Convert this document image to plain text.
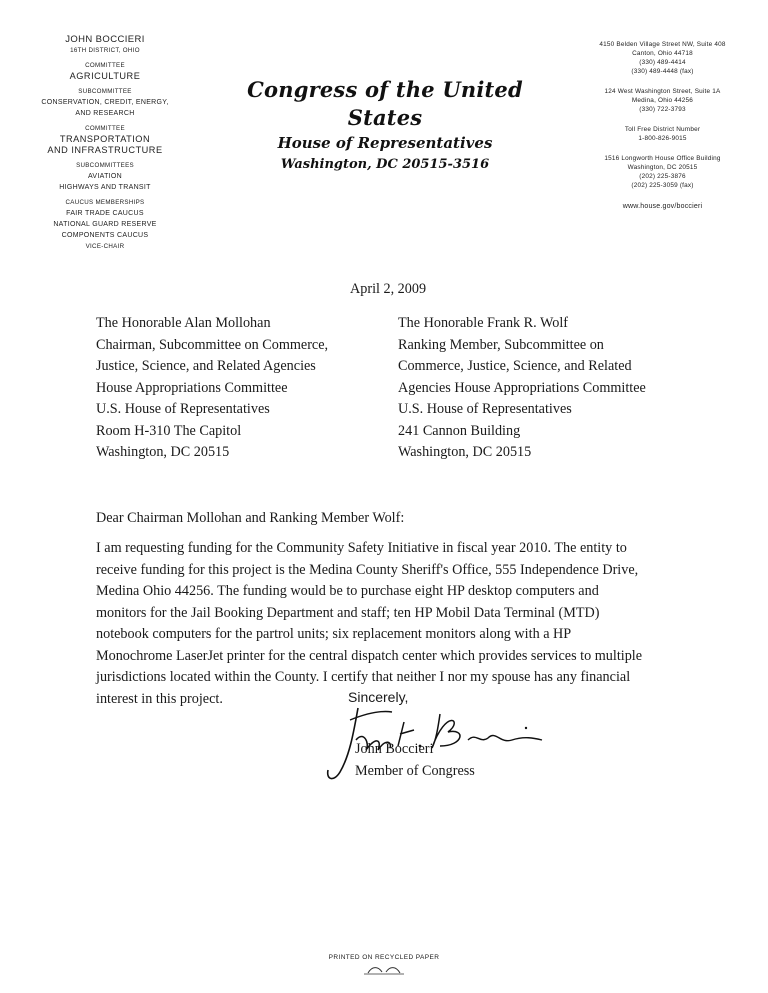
JOHN BOCCIERI
16TH DISTRICT, OHIO
COMMITTEE
AGRICULTURE
SUBCOMMITTEE
CONSERVATION, CREDIT, ENERGY,
AND RESEARCH
COMMITTEE
TRANSPORTATION
AND INFRASTRUCTURE
SUBCOMMITTEES
AVIATION
HIGHWAYS AND TRANSIT
CAUCUS MEMBERSHIPS
FAIR TRADE CAUCUS
NATIONAL GUARD RESERVE
COMPONENTS CAUCUS
VICE-CHAIR
Congress of the United States
House of Representatives
Washington, DC 20515-3516
4150 Belden Village Street NW, Suite 408
Canton, Ohio 44718
(330) 489-4414
(330) 489-4448 (fax)
124 West Washington Street, Suite 1A
Medina, Ohio 44256
(330) 722-3793
Toll Free District Number
1-800-826-9015
1516 Longworth House Office Building
Washington, DC 20515
(202) 225-3876
(202) 225-3059 (fax)
www.house.gov/boccieri
April 2, 2009
The Honorable Alan Mollohan
Chairman, Subcommittee on Commerce,
Justice, Science, and Related Agencies
House Appropriations Committee
U.S. House of Representatives
Room H-310 The Capitol
Washington, DC 20515
The Honorable Frank R. Wolf
Ranking Member, Subcommittee on
Commerce, Justice, Science, and Related
Agencies House Appropriations Committee
U.S. House of Representatives
241 Cannon Building
Washington, DC 20515
Dear Chairman Mollohan and Ranking Member Wolf:
I am requesting funding for the Community Safety Initiative in fiscal year 2010. The entity to
receive funding for this project is the Medina County Sheriff's Office, 555 Independence Drive,
Medina Ohio 44256. The funding would be to purchase eight HP desktop computers and
monitors for the Jail Booking Department and staff; ten HP Mobil Data Terminal (MTD)
notebook computers for the partrol units; six replacement monitors along with a HP
Monochrome LaserJet printer for the central dispatch center which provides services to multiple
jurisdictions located within the County. I certify that neither I nor my spouse has any financial
interest in this project.	Sincerely,
John Boccieri
Member of Congress
PRINTED ON RECYCLED PAPER
